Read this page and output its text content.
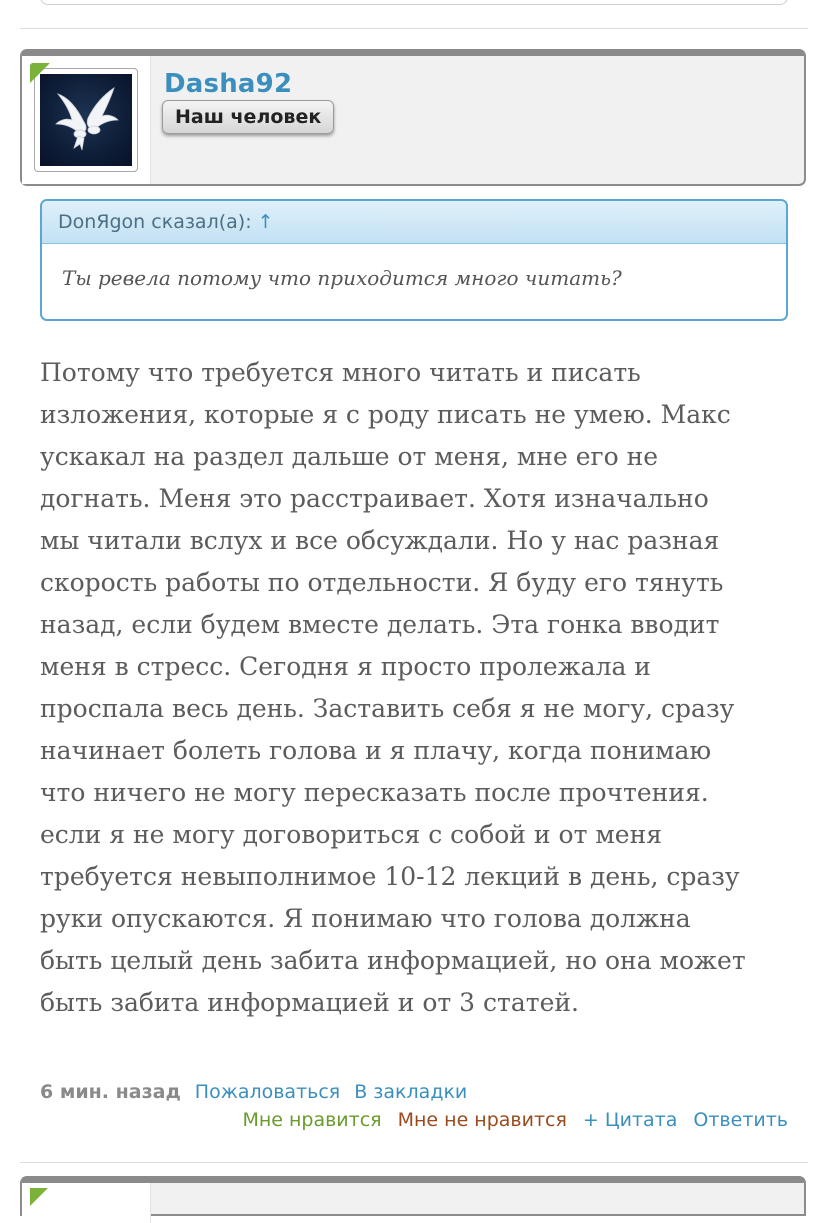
Dasha92
Наш человек
DonЯgon сказал(а): ↑
Ты ревела потому что приходится много читать?
Потому что требуется много читать и писать
изложения, которые я с роду писать не умею. Макс
ускакал на раздел дальше от меня, мне его не
догнать. Меня это расстраивает. Хотя изначально
мы читали вслух и все обсуждали. Но у нас разная
скорость работы по отдельности. Я буду его тянуть
назад, если будем вместе делать. Эта гонка вводит
меня в стресс. Сегодня я просто пролежала и
проспала весь день. Заставить себя я не могу, сразу
начинает болеть голова и я плачу, когда понимаю
что ничего не могу пересказать после прочтения.
если я не могу договориться с собой и от меня
требуется невыполнимое 10-12 лекций в день, сразу
руки опускаются. Я понимаю что голова должна
быть целый день забита информацией, но она может
быть забита информацией и от 3 статей.
6 мин. назад Пожаловаться В закладки
Мне нравится Мне не нравится + Цитата Ответить
